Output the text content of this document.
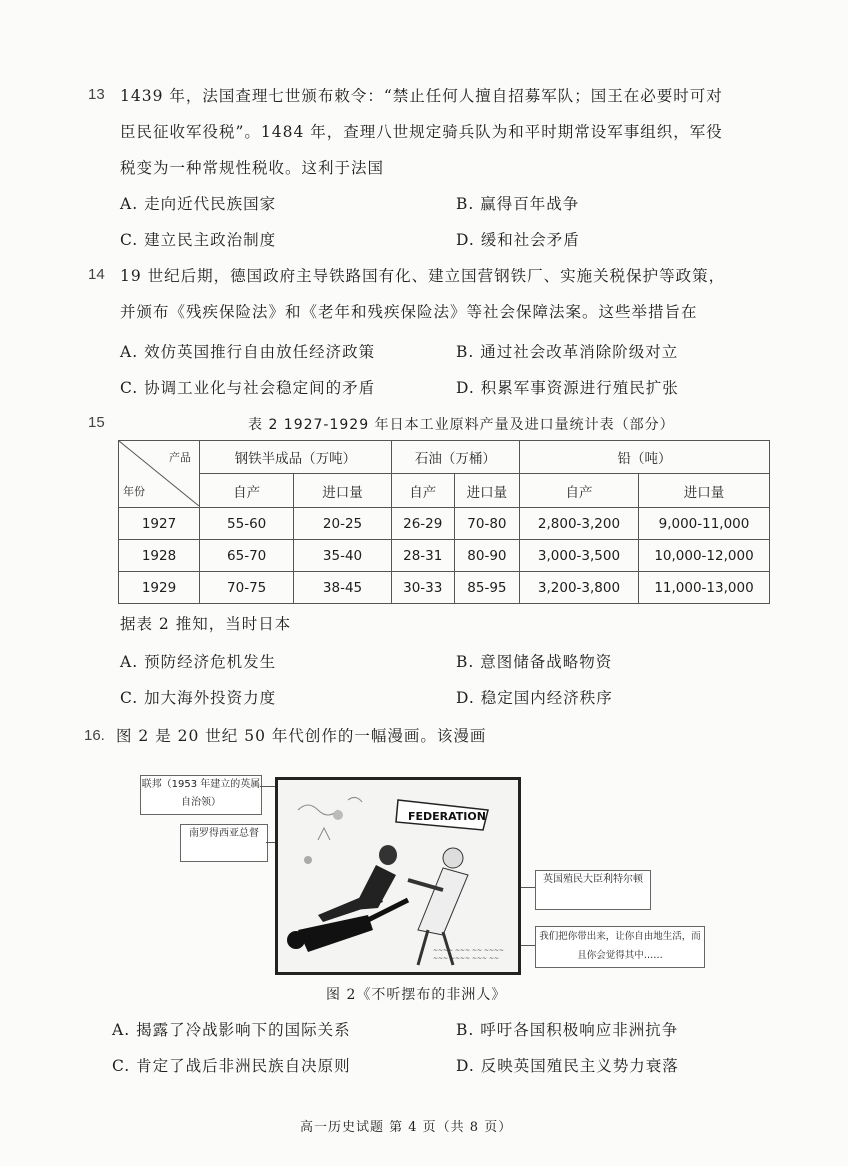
13 1439 年，法国查理七世颁布敕令：“禁止任何人擅自招募军队；国王在必要时可对
臣民征收军役税”。1484 年，查理八世规定骑兵队为和平时期常设军事组织，军役
税变为一种常规性税收。这利于法国
A. 走向近代民族国家	B. 赢得百年战争
C. 建立民主政治制度	D. 缓和社会矛盾
14 19 世纪后期，德国政府主导铁路国有化、建立国营钢铁厂、实施关税保护等政策，
并颁布《残疾保险法》和《老年和残疾保险法》等社会保障法案。这些举措旨在
A. 效仿英国推行自由放任经济政策	B. 通过社会改革消除阶级对立
C. 协调工业化与社会稳定间的矛盾	D. 积累军事资源进行殖民扩张
15	表 2 1927-1929 年日本工业原料产量及进口量统计表（部分）
产品
年份	钢铁半成品（万吨）		石油（万桶）		铅（吨）	
	自产	进口量	自产	进口量	自产	进口量
1927	55-60	20-25	26-29	70-80	2,800-3,200	9,000-11,000
1928	65-70	35-40	28-31	80-90	3,000-3,500	10,000-12,000
1929	70-75	38-45	30-33	85-95	3,200-3,800	11,000-13,000
据表 2 推知，当时日本
A. 预防经济危机发生	B. 意图储备战略物资
C. 加大海外投资力度	D. 稳定国内经济秩序
16. 图 2 是 20 世纪 50 年代创作的一幅漫画。该漫画
联邦（1953 年建立的英属自治领）
南罗得西亚总督
英国殖民大臣利特尔顿
我们把你带出来，让你自由地生活，而且你会觉得其中……
FEDERATION
~~~~ ~~~ ~~ ~~~~
~~~ ~~~~ ~~~ ~~
图 2《不听摆布的非洲人》
A. 揭露了冷战影响下的国际关系	B. 呼吁各国积极响应非洲抗争
C. 肯定了战后非洲民族自决原则	D. 反映英国殖民主义势力衰落
高一历史试题 第 4 页（共 8 页）
